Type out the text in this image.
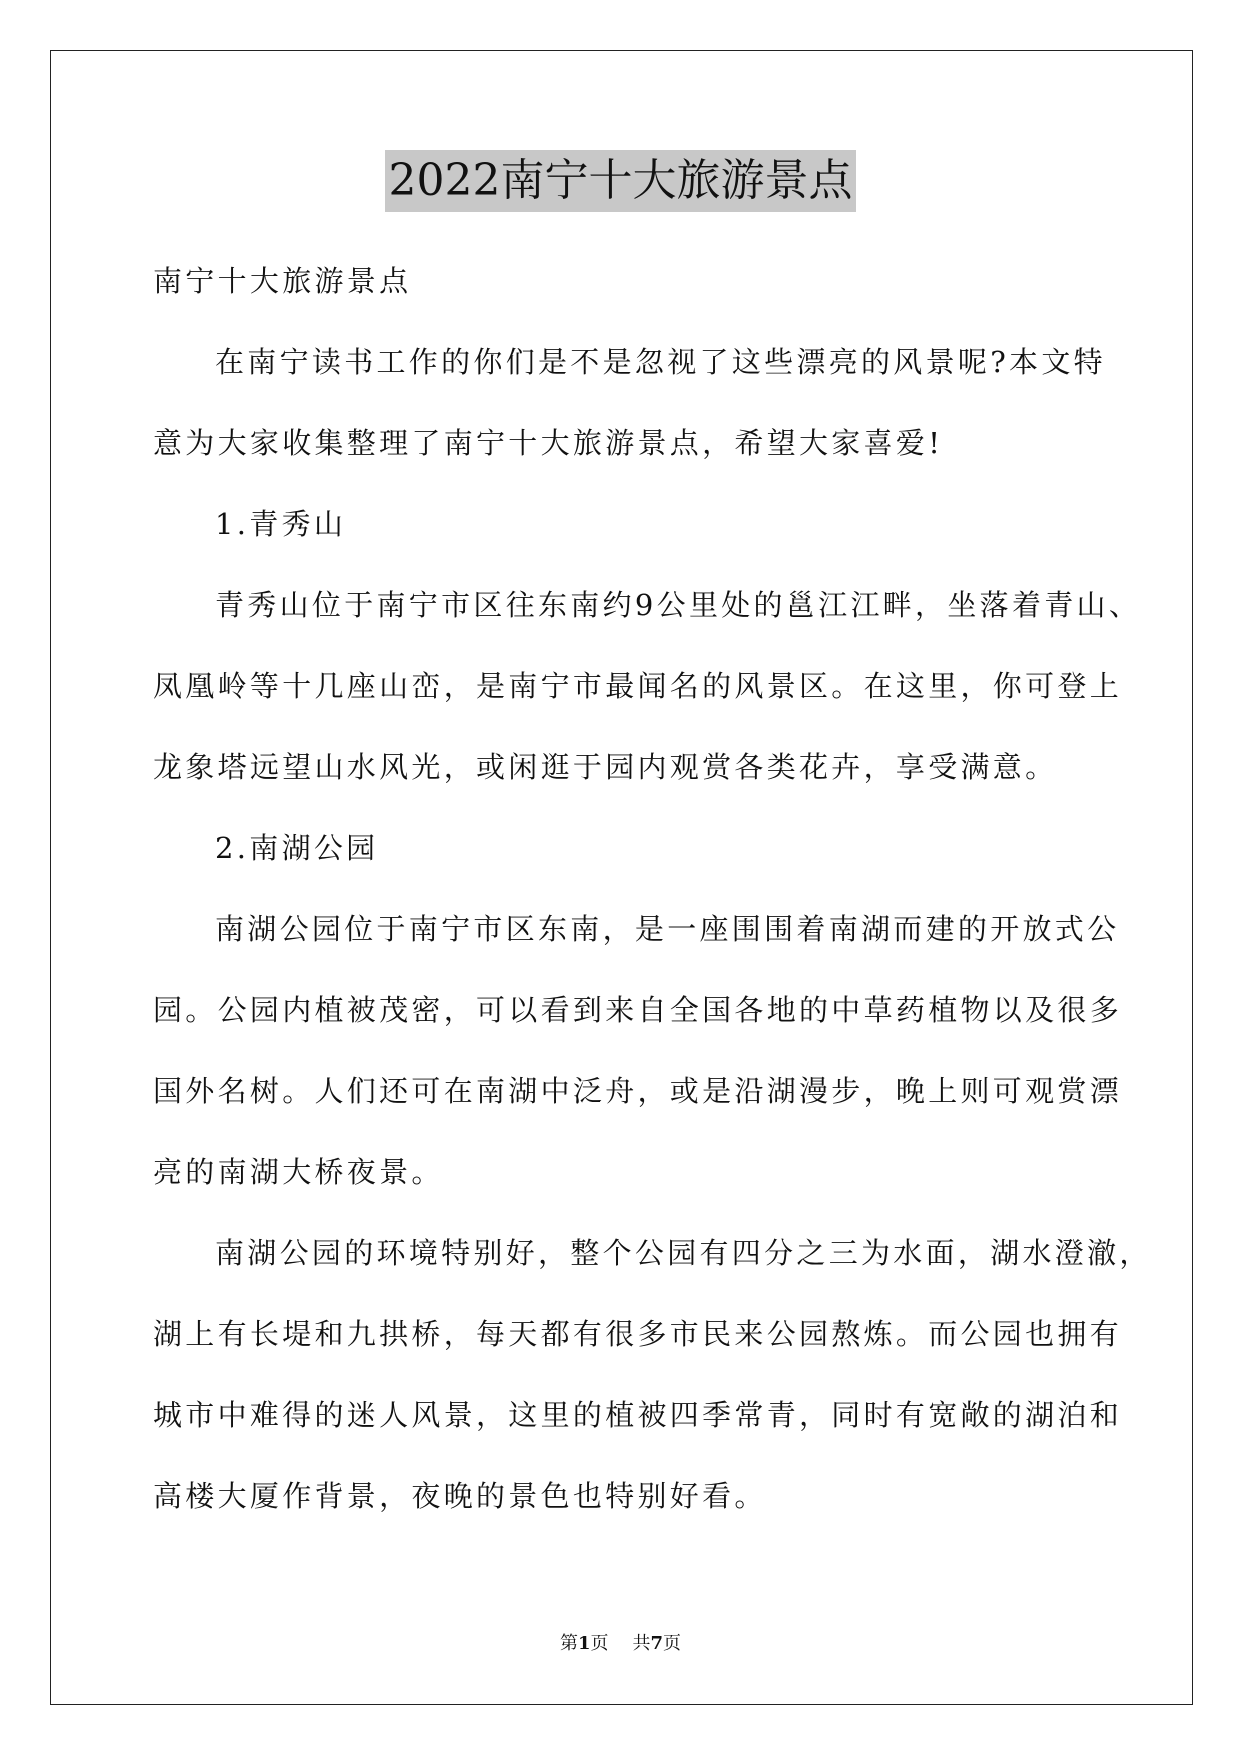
2022南宁十大旅游景点
南宁十大旅游景点
在南宁读书工作的你们是不是忽视了这些漂亮的风景呢?本文特
意为大家收集整理了南宁十大旅游景点，希望大家喜爱!
1.青秀山
青秀山位于南宁市区往东南约9公里处的邕江江畔，坐落着青山、
凤凰岭等十几座山峦，是南宁市最闻名的风景区。在这里，你可登上
龙象塔远望山水风光，或闲逛于园内观赏各类花卉，享受满意。
2.南湖公园
南湖公园位于南宁市区东南，是一座围围着南湖而建的开放式公
园。公园内植被茂密，可以看到来自全国各地的中草药植物以及很多
国外名树。人们还可在南湖中泛舟，或是沿湖漫步，晚上则可观赏漂
亮的南湖大桥夜景。
南湖公园的环境特别好，整个公园有四分之三为水面，湖水澄澈，
湖上有长堤和九拱桥，每天都有很多市民来公园熬炼。而公园也拥有
城市中难得的迷人风景，这里的植被四季常青，同时有宽敞的湖泊和
高楼大厦作背景，夜晚的景色也特别好看。
第1页 共7页
